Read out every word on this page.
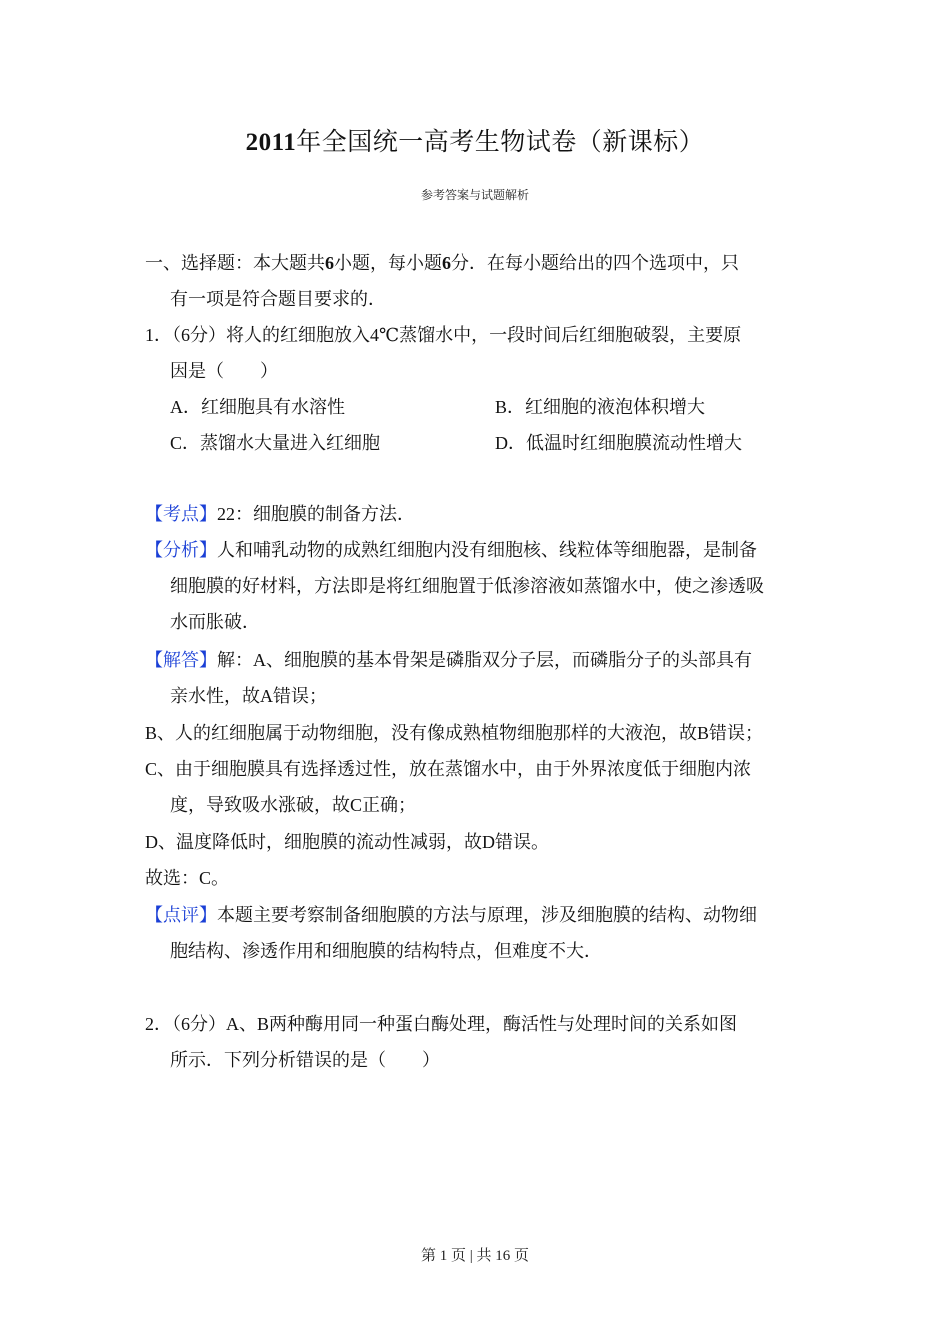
2011年全国统一高考生物试卷（新课标）
参考答案与试题解析
一、选择题：本大题共6小题，每小题6分．在每小题给出的四个选项中，只
有一项是符合题目要求的．
1．（6分）将人的红细胞放入4℃蒸馏水中，一段时间后红细胞破裂，主要原
因是（　　）
A．红细胞具有水溶性	B．红细胞的液泡体积增大
C．蒸馏水大量进入红细胞	D．低温时红细胞膜流动性增大
【考点】22：细胞膜的制备方法．
【分析】人和哺乳动物的成熟红细胞内没有细胞核、线粒体等细胞器，是制备
细胞膜的好材料，方法即是将红细胞置于低渗溶液如蒸馏水中，使之渗透吸
水而胀破．
【解答】解：A、细胞膜的基本骨架是磷脂双分子层，而磷脂分子的头部具有
亲水性，故A错误；
B、人的红细胞属于动物细胞，没有像成熟植物细胞那样的大液泡，故B错误；
C、由于细胞膜具有选择透过性，放在蒸馏水中，由于外界浓度低于细胞内浓
度，导致吸水涨破，故C正确；
D、温度降低时，细胞膜的流动性减弱，故D错误。
故选：C。
【点评】本题主要考察制备细胞膜的方法与原理，涉及细胞膜的结构、动物细
胞结构、渗透作用和细胞膜的结构特点，但难度不大．
2．（6分）A、B两种酶用同一种蛋白酶处理，酶活性与处理时间的关系如图
所示．下列分析错误的是（　　）
第 1 页 | 共 16 页
